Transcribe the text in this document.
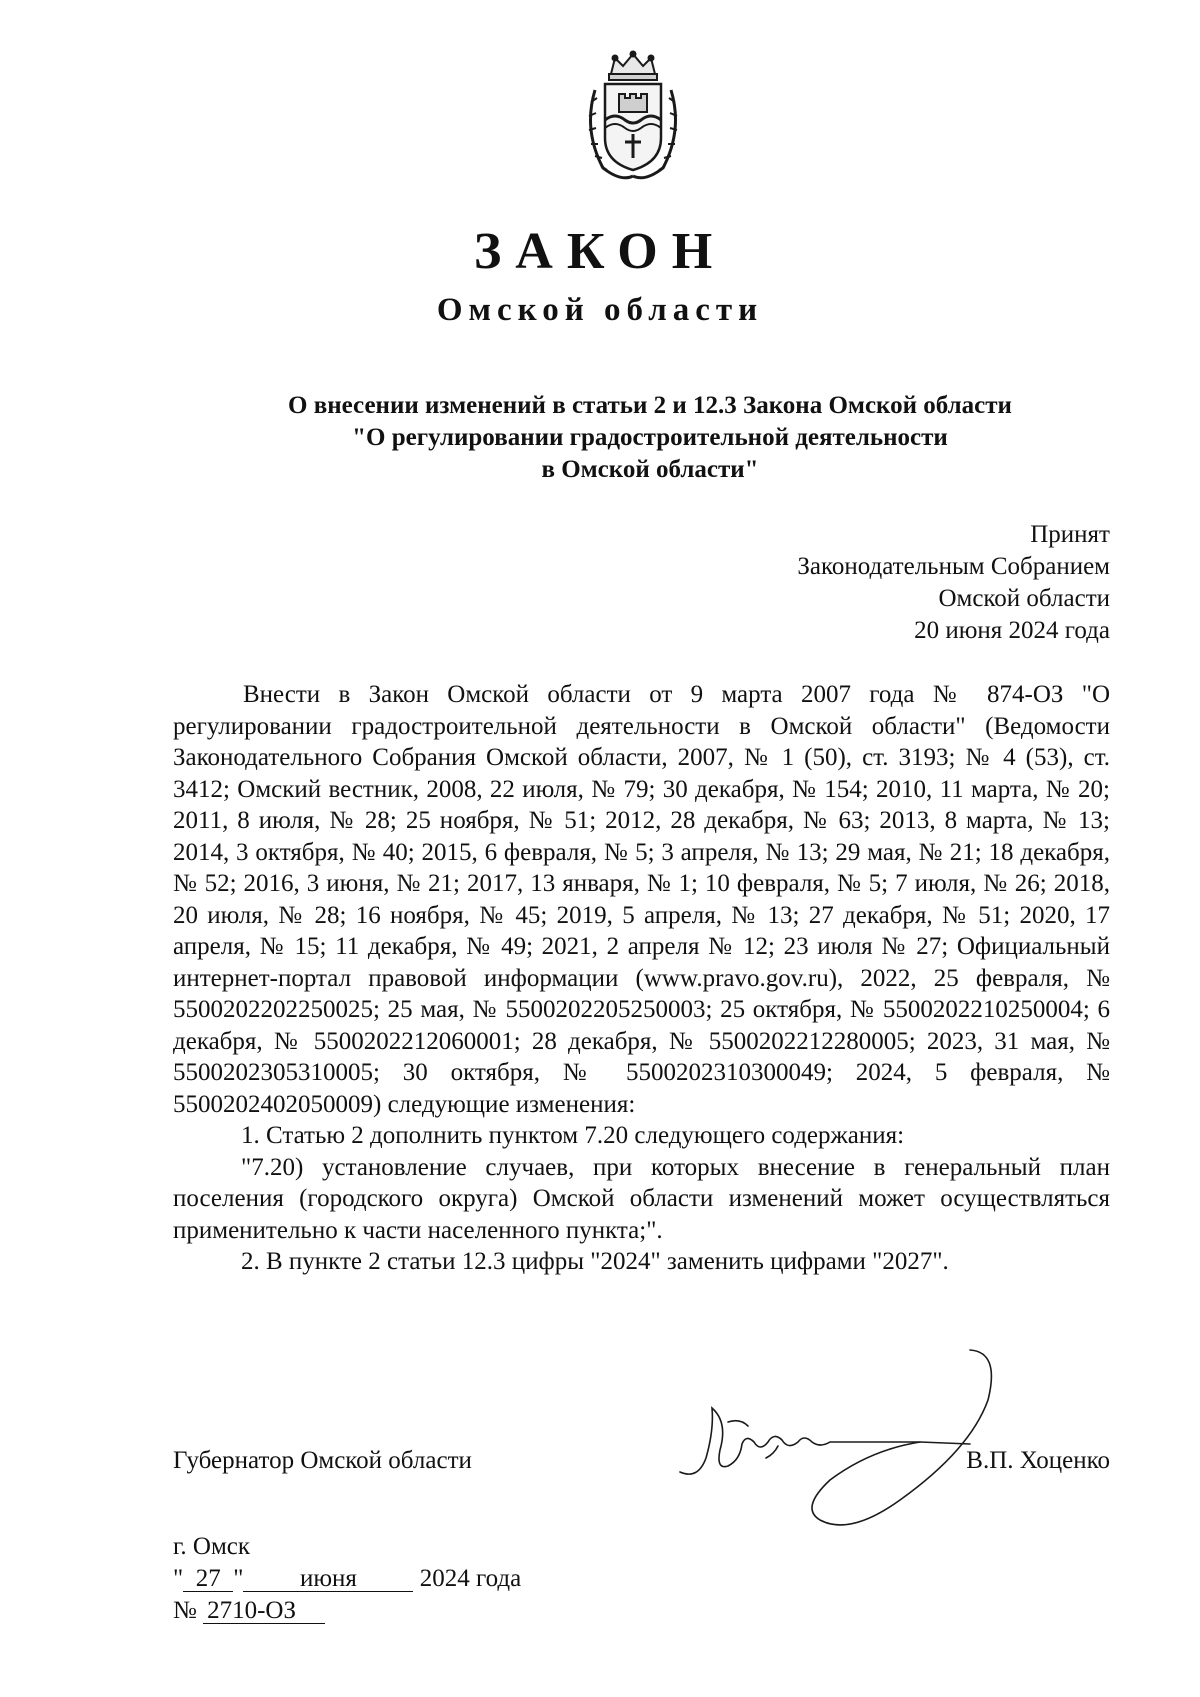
ЗАКОН
Омской области
О внесении изменений в статьи 2 и 12.3 Закона Омской области
"О регулировании градостроительной деятельности
в Омской области"
Принят
Законодательным Собранием
Омской области
20 июня 2024 года

Внести в Закон Омской области от 9 марта 2007 года № 874-ОЗ "О регулировании градостроительной деятельности в Омской области" (Ведомости Законодательного Собрания Омской области, 2007, № 1 (50), ст. 3193; № 4 (53), ст. 3412; Омский вестник, 2008, 22 июля, № 79; 30 декабря, № 154; 2010, 11 марта, № 20; 2011, 8 июля, № 28; 25 ноября, № 51; 2012, 28 декабря, № 63; 2013, 8 марта, № 13; 2014, 3 октября, № 40; 2015, 6 февраля, № 5; 3 апреля, № 13; 29 мая, № 21; 18 декабря, № 52; 2016, 3 июня, № 21; 2017, 13 января, № 1; 10 февраля, № 5; 7 июля, № 26; 2018, 20 июля, № 28; 16 ноября, № 45; 2019, 5 апреля, № 13; 27 декабря, № 51; 2020, 17 апреля, № 15; 11 декабря, № 49; 2021, 2 апреля № 12; 23 июля № 27; Официальный интернет-портал правовой информации (www.pravo.gov.ru), 2022, 25 февраля, № 5500202202250025; 25 мая, № 5500202205250003; 25 октября, № 5500202210250004; 6 декабря, № 5500202212060001; 28 декабря, № 5500202212280005; 2023, 31 мая, № 5500202305310005; 30 октября, № 5500202310300049; 2024, 5 февраля, № 5500202402050009) следующие изменения:

1. Статью 2 дополнить пунктом 7.20 следующего содержания:

"7.20) установление случаев, при которых внесение в генеральный план поселения (городского округа) Омской области изменений может осуществляться применительно к части населенного пункта;".

2. В пункте 2 статьи 12.3 цифры "2024" заменить цифрами "2027".

Губернатор Омской области	В.П. Хоценко
г. Омск
" 27 " июня	2024 года
№ 2710-ОЗ
